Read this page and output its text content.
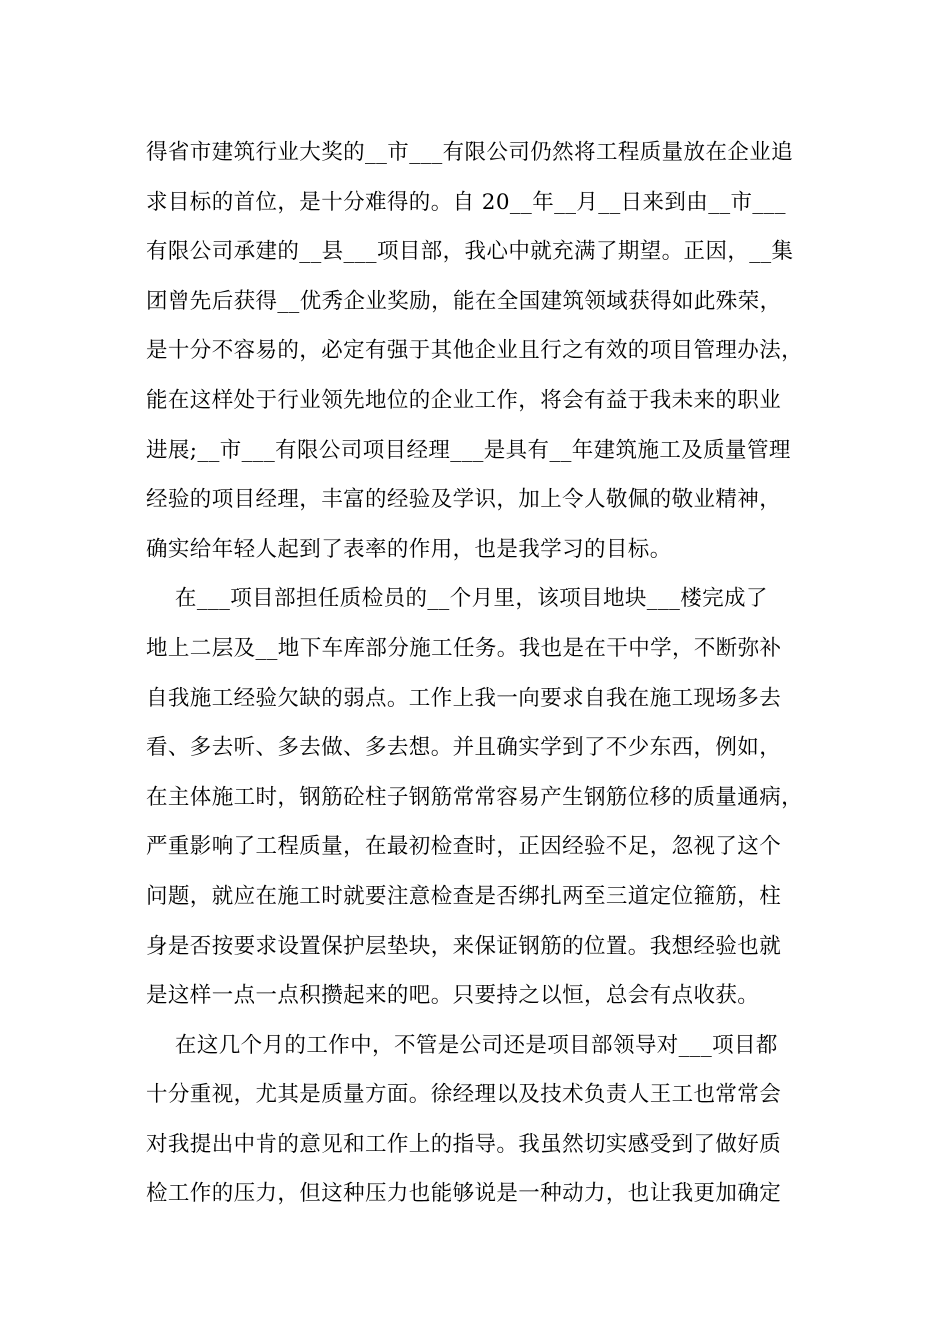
得省市建筑行业大奖的__市___有限公司仍然将工程质量放在企业追
求目标的首位，是十分难得的。自 20__年__月__日来到由__市___
有限公司承建的__县___项目部，我心中就充满了期望。正因，__集
团曾先后获得__优秀企业奖励，能在全国建筑领域获得如此殊荣，
是十分不容易的，必定有强于其他企业且行之有效的项目管理办法，
能在这样处于行业领先地位的企业工作，将会有益于我未来的职业
进展;__市___有限公司项目经理___是具有__年建筑施工及质量管理
经验的项目经理，丰富的经验及学识，加上令人敬佩的敬业精神，
确实给年轻人起到了表率的作用，也是我学习的目标。
在___项目部担任质检员的__个月里，该项目地块___楼完成了
地上二层及__地下车库部分施工任务。我也是在干中学，不断弥补
自我施工经验欠缺的弱点。工作上我一向要求自我在施工现场多去
看、多去听、多去做、多去想。并且确实学到了不少东西，例如，
在主体施工时，钢筋砼柱子钢筋常常容易产生钢筋位移的质量通病，
严重影响了工程质量，在最初检查时，正因经验不足，忽视了这个
问题，就应在施工时就要注意检查是否绑扎两至三道定位箍筋，柱
身是否按要求设置保护层垫块，来保证钢筋的位置。我想经验也就
是这样一点一点积攒起来的吧。只要持之以恒，总会有点收获。
在这几个月的工作中，不管是公司还是项目部领导对___项目都
十分重视，尤其是质量方面。徐经理以及技术负责人王工也常常会
对我提出中肯的意见和工作上的指导。我虽然切实感受到了做好质
检工作的压力，但这种压力也能够说是一种动力，也让我更加确定
